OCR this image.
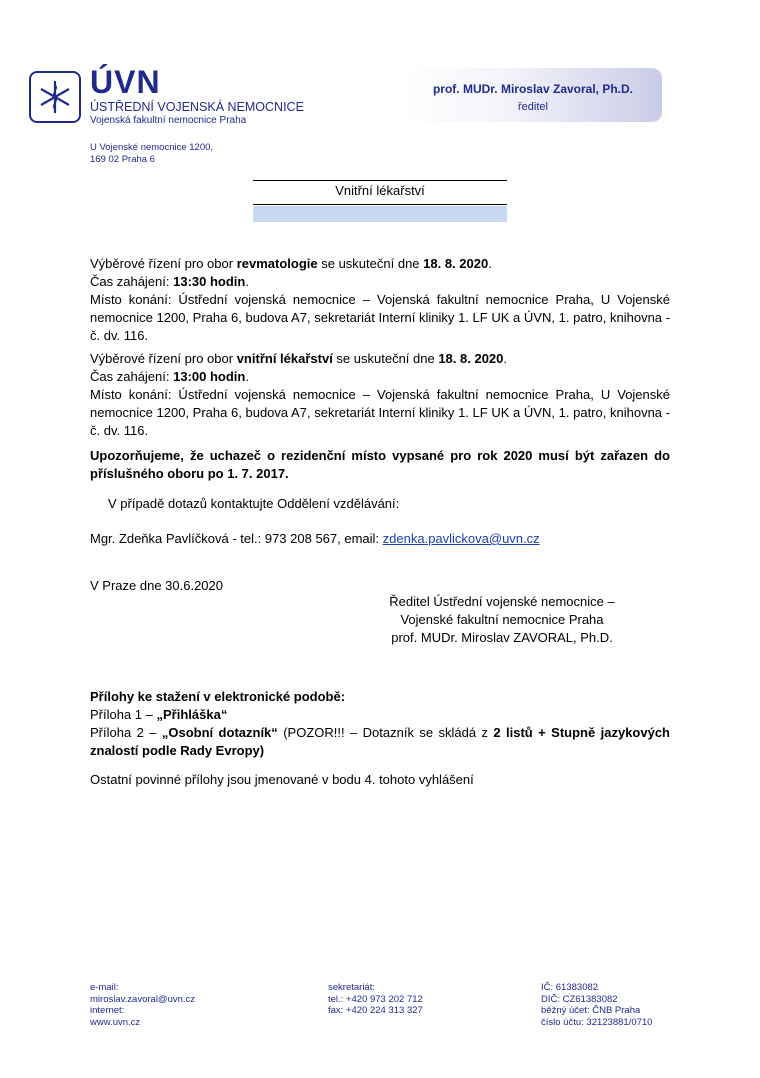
ÚVN
ÚSTŘEDNÍ VOJENSKÁ NEMOCNICE
Vojenská fakultní nemocnice Praha
prof. MUDr. Miroslav Zavoral, Ph.D.
ředitel
U Vojenské nemocnice 1200,
169 02 Praha 6
Vnitřní lékařství

Výběrové řízení pro obor revmatologie se uskuteční dne 18. 8. 2020.

Čas zahájení: 13:30 hodin.

Místo konání: Ústřední vojenská nemocnice – Vojenská fakultní nemocnice Praha, U Vojenské nemocnice 1200, Praha 6, budova A7, sekretariát Interní kliniky 1. LF UK a ÚVN, 1. patro, knihovna - č. dv. 116.

Výběrové řízení pro obor vnitřní lékařství se uskuteční dne 18. 8. 2020.

Čas zahájení: 13:00 hodin.

Místo konání: Ústřední vojenská nemocnice – Vojenská fakultní nemocnice Praha, U Vojenské nemocnice 1200, Praha 6, budova A7, sekretariát Interní kliniky 1. LF UK a ÚVN, 1. patro, knihovna - č. dv. 116.

Upozorňujeme, že uchazeč o rezidenční místo vypsané pro rok 2020 musí být zařazen do příslušného oboru po 1. 7. 2017.
V případě dotazů kontaktujte Oddělení vzdělávání:
Mgr. Zdeňka Pavlíčková - tel.: 973 208 567, email: zdenka.pavlickova@uvn.cz
V Praze dne 30.6.2020
Ředitel Ústřední vojenské nemocnice –
Vojenské fakultní nemocnice Praha
prof. MUDr. Miroslav ZAVORAL, Ph.D.

Přílohy ke stažení v elektronické podobě:

Příloha 1 – „Přihláška“

Příloha 2 – „Osobní dotazník“ (POZOR!!! – Dotazník se skládá z 2 listů + Stupně jazykových znalostí podle Rady Evropy)

Ostatní povinné přílohy jsou jmenované v bodu 4. tohoto vyhlášení
e-mail:
miroslav.zavoral@uvn.cz
internet:
www.uvn.cz
sekretariát:
tel.: +420 973 202 712
fax: +420 224 313 327
IČ: 61383082
DIČ: CZ61383082
běžný účet: ČNB Praha
číslo účtu: 32123881/0710
